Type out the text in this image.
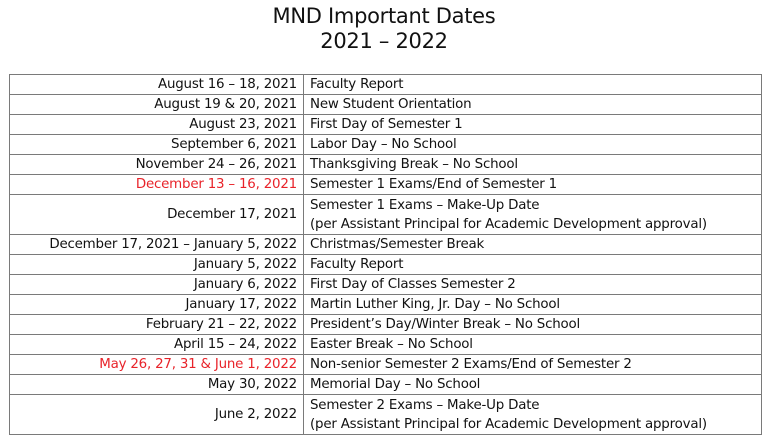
MND Important Dates
2021 – 2022
August 16 – 18, 2021	Faculty Report
August 19 & 20, 2021	New Student Orientation
August 23, 2021	First Day of Semester 1
September 6, 2021	Labor Day – No School
November 24 – 26, 2021	Thanksgiving Break – No School
December 13 – 16, 2021	Semester 1 Exams/End of Semester 1
December 17, 2021	Semester 1 Exams – Make-Up Date
(per Assistant Principal for Academic Development approval)

December 17, 2021 – January 5, 2022	Christmas/Semester Break
January 5, 2022	Faculty Report
January 6, 2022	First Day of Classes Semester 2
January 17, 2022	Martin Luther King, Jr. Day – No School
February 21 – 22, 2022	President’s Day/Winter Break – No School
April 15 – 24, 2022	Easter Break – No School
May 26, 27, 31 & June 1, 2022	Non-senior Semester 2 Exams/End of Semester 2
May 30, 2022	Memorial Day – No School
June 2, 2022	Semester 2 Exams – Make-Up Date
(per Assistant Principal for Academic Development approval)
